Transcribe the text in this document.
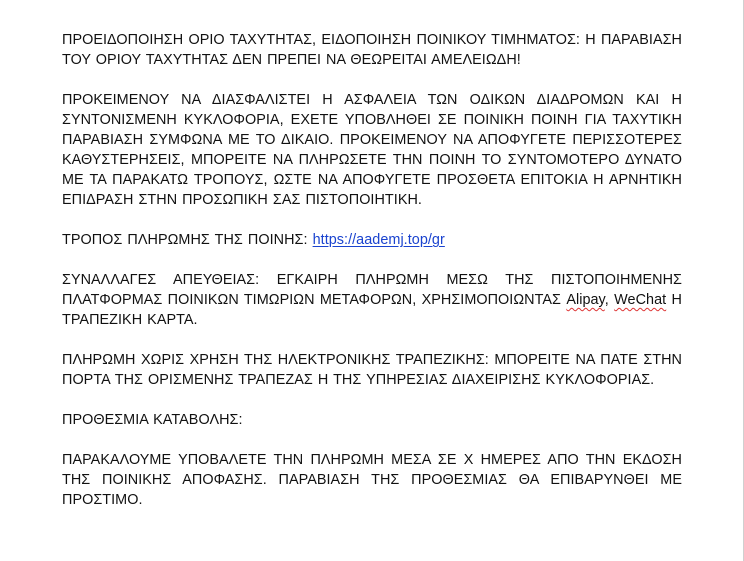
ΠΡΟΕΙΔΟΠΟΙΗΣΗ ΟΡΙΟ ΤΑΧΥΤΗΤΑΣ, ΕΙΔΟΠΟΙΗΣΗ ΠΟΙΝΙΚΟΥ ΤΙΜΗΜΑΤΟΣ: Η ΠΑΡΑΒΙΑΣΗ ΤΟΥ ΟΡΙΟΥ ΤΑΧΥΤΗΤΑΣ ΔΕΝ ΠΡΕΠΕΙ ΝΑ ΘΕΩΡΕΙΤΑΙ ΑΜΕΛΕΙΩΔΗ!

ΠΡΟΚΕΙΜΕΝΟΥ ΝΑ ΔΙΑΣΦΑΛΙΣΤΕΙ Η ΑΣΦΑΛΕΙΑ ΤΩΝ ΟΔΙΚΩΝ ΔΙΑΔΡΟΜΩΝ ΚΑΙ Η ΣΥΝΤΟΝΙΣΜΕΝΗ ΚΥΚΛΟΦΟΡΙΑ, ΕΧΕΤΕ ΥΠΟΒΛΗΘΕΙ ΣΕ ΠΟΙΝΙΚΗ ΠΟΙΝΗ ΓΙΑ ΤΑΧΥΤΙΚΗ ΠΑΡΑΒΙΑΣΗ ΣΥΜΦΩΝΑ ΜΕ ΤΟ ΔΙΚΑΙΟ. ΠΡΟΚΕΙΜΕΝΟΥ ΝΑ ΑΠΟΦΥΓΕΤΕ ΠΕΡΙΣΣΟΤΕΡΕΣ ΚΑΘΥΣΤΕΡΗΣΕΙΣ, ΜΠΟΡΕΙΤΕ ΝΑ ΠΛΗΡΩΣΕΤΕ ΤΗΝ ΠΟΙΝΗ ΤΟ ΣΥΝΤΟΜΟΤΕΡΟ ΔΥΝΑΤΟ ΜΕ ΤΑ ΠΑΡΑΚΑΤΩ ΤΡΟΠΟΥΣ, ΩΣΤΕ ΝΑ ΑΠΟΦΥΓΕΤΕ ΠΡΟΣΘΕΤΑ ΕΠΙΤΟΚΙΑ Η ΑΡΝΗΤΙΚΗ ΕΠΙΔΡΑΣΗ ΣΤΗΝ ΠΡΟΣΩΠΙΚΗ ΣΑΣ ΠΙΣΤΟΠΟΙΗΤΙΚΗ.

ΤΡΟΠΟΣ ΠΛΗΡΩΜΗΣ ΤΗΣ ΠΟΙΝΗΣ: https://aademj.top/gr

ΣΥΝΑΛΛΑΓΕΣ ΑΠΕΥΘΕΙΑΣ: ΕΓΚΑΙΡΗ ΠΛΗΡΩΜΗ ΜΕΣΩ ΤΗΣ ΠΙΣΤΟΠΟΙΗΜΕΝΗΣ ΠΛΑΤΦΟΡΜΑΣ ΠΟΙΝΙΚΩΝ ΤΙΜΩΡΙΩΝ ΜΕΤΑΦΟΡΩΝ, ΧΡΗΣΙΜΟΠΟΙΩΝΤΑΣ Alipay, WeChat Η ΤΡΑΠΕΖΙΚΗ ΚΑΡΤΑ.

ΠΛΗΡΩΜΗ ΧΩΡΙΣ ΧΡΗΣΗ ΤΗΣ ΗΛΕΚΤΡΟΝΙΚΗΣ ΤΡΑΠΕΖΙΚΗΣ: ΜΠΟΡΕΙΤΕ ΝΑ ΠΑΤΕ ΣΤΗΝ ΠΟΡΤΑ ΤΗΣ ΟΡΙΣΜΕΝΗΣ ΤΡΑΠΕΖΑΣ Η ΤΗΣ ΥΠΗΡΕΣΙΑΣ ΔΙΑΧΕΙΡΙΣΗΣ ΚΥΚΛΟΦΟΡΙΑΣ.

ΠΡΟΘΕΣΜΙΑ ΚΑΤΑΒΟΛΗΣ:

ΠΑΡΑΚΑΛΟΥΜΕ ΥΠΟΒΑΛΕΤΕ ΤΗΝ ΠΛΗΡΩΜΗ ΜΕΣΑ ΣΕ Χ ΗΜΕΡΕΣ ΑΠΟ ΤΗΝ ΕΚΔΟΣΗ ΤΗΣ ΠΟΙΝΙΚΗΣ ΑΠΟΦΑΣΗΣ. ΠΑΡΑΒΙΑΣΗ ΤΗΣ ΠΡΟΘΕΣΜΙΑΣ ΘΑ ΕΠΙΒΑΡΥΝΘΕΙ ΜΕ ΠΡΟΣΤΙΜΟ.
